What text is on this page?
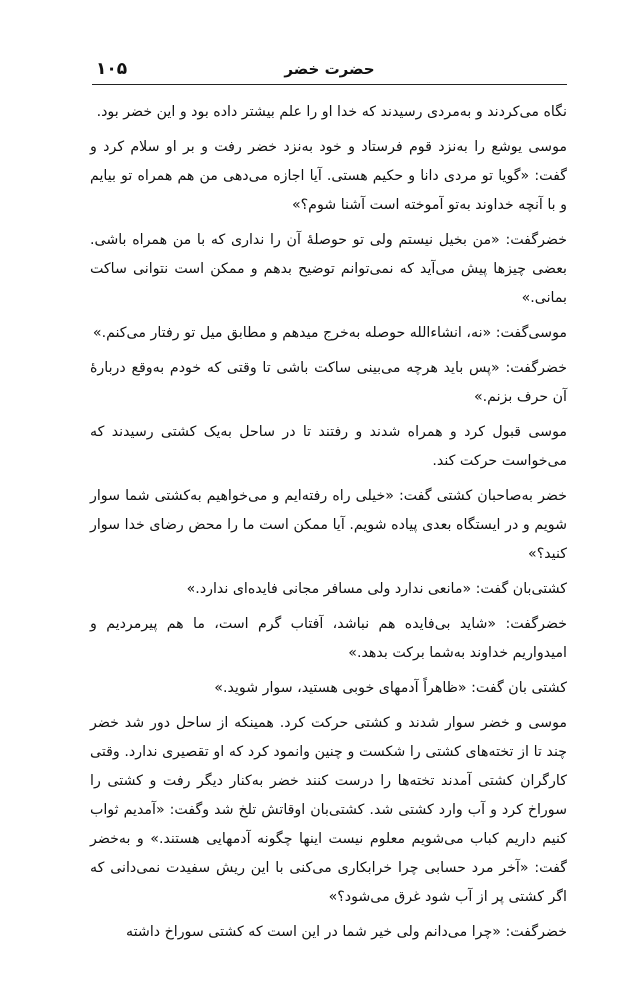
۱۰۵	حضرت خضر

نگاه می‌کردند و به‌مردی رسیدند که خدا او را علم بیشتر داده بود و این خضر بود.

موسی یوشع را به‌نزد قوم فرستاد و خود به‌نزد خضر رفت و بر او سلام کرد و گفت: «گویا تو مردی دانا و حکیم هستی. آیا اجازه می‌دهی من هم همراه تو بیایم و با آنچه خداوند به‌تو آموخته است آشنا شوم؟»

خضرگفت: «من بخیل نیستم ولی تو حوصلهٔ آن را نداری که با من همراه باشی. بعضی چیزها پیش می‌آید که نمی‌توانم توضیح بدهم و ممکن است نتوانی ساکت بمانی.»

موسی‌گفت: «نه، انشاءالله حوصله به‌خرج میدهم و مطابق میل تو رفتار می‌کنم.»

خضرگفت: «پس باید هرچه می‌بینی ساکت باشی تا وقتی که خودم به‌وقع دربارهٔ آن حرف بزنم.»

موسی قبول کرد و همراه شدند و رفتند تا در ساحل به‌یک کشتی رسیدند که می‌خواست حرکت کند.

خضر به‌صاحبان کشتی گفت: «خیلی راه رفته‌ایم و می‌خواهیم به‌کشتی شما سوار شویم و در ایستگاه بعدی پیاده شویم. آیا ممکن است ما را محض رضای خدا سوار کنید؟»

کشتی‌بان گفت: «مانعی ندارد ولی مسافر مجانی فایده‌ای ندارد.»

خضرگفت: «شاید بی‌فایده هم نباشد، آفتاب گرم است، ما هم پیرمردیم و امیدواریم خداوند به‌شما برکت بدهد.»

کشتی بان گفت: «ظاهراً آدمهای خوبی هستید، سوار شوید.»

موسی و خضر سوار شدند و کشتی حرکت کرد. همینکه از ساحل دور شد خضر چند تا از تخته‌های کشتی را شکست و چنین وانمود کرد که او تقصیری ندارد. وقتی کارگران کشتی آمدند تخته‌ها را درست کنند خضر به‌کنار دیگر رفت و کشتی را سوراخ کرد و آب وارد کشتی شد. کشتی‌بان اوقاتش تلخ شد وگفت: «آمدیم ثواب کنیم داریم کباب می‌شویم معلوم نیست اینها چگونه آدمهایی هستند.» و به‌خضر گفت: «آخر مرد حسابی چرا خرابکاری می‌کنی با این ریش سفیدت نمی‌دانی که اگر کشتی پر از آب شود غرق می‌شود؟»

خضرگفت: «چرا می‌دانم ولی خیر شما در این است که کشتی سوراخ داشته
